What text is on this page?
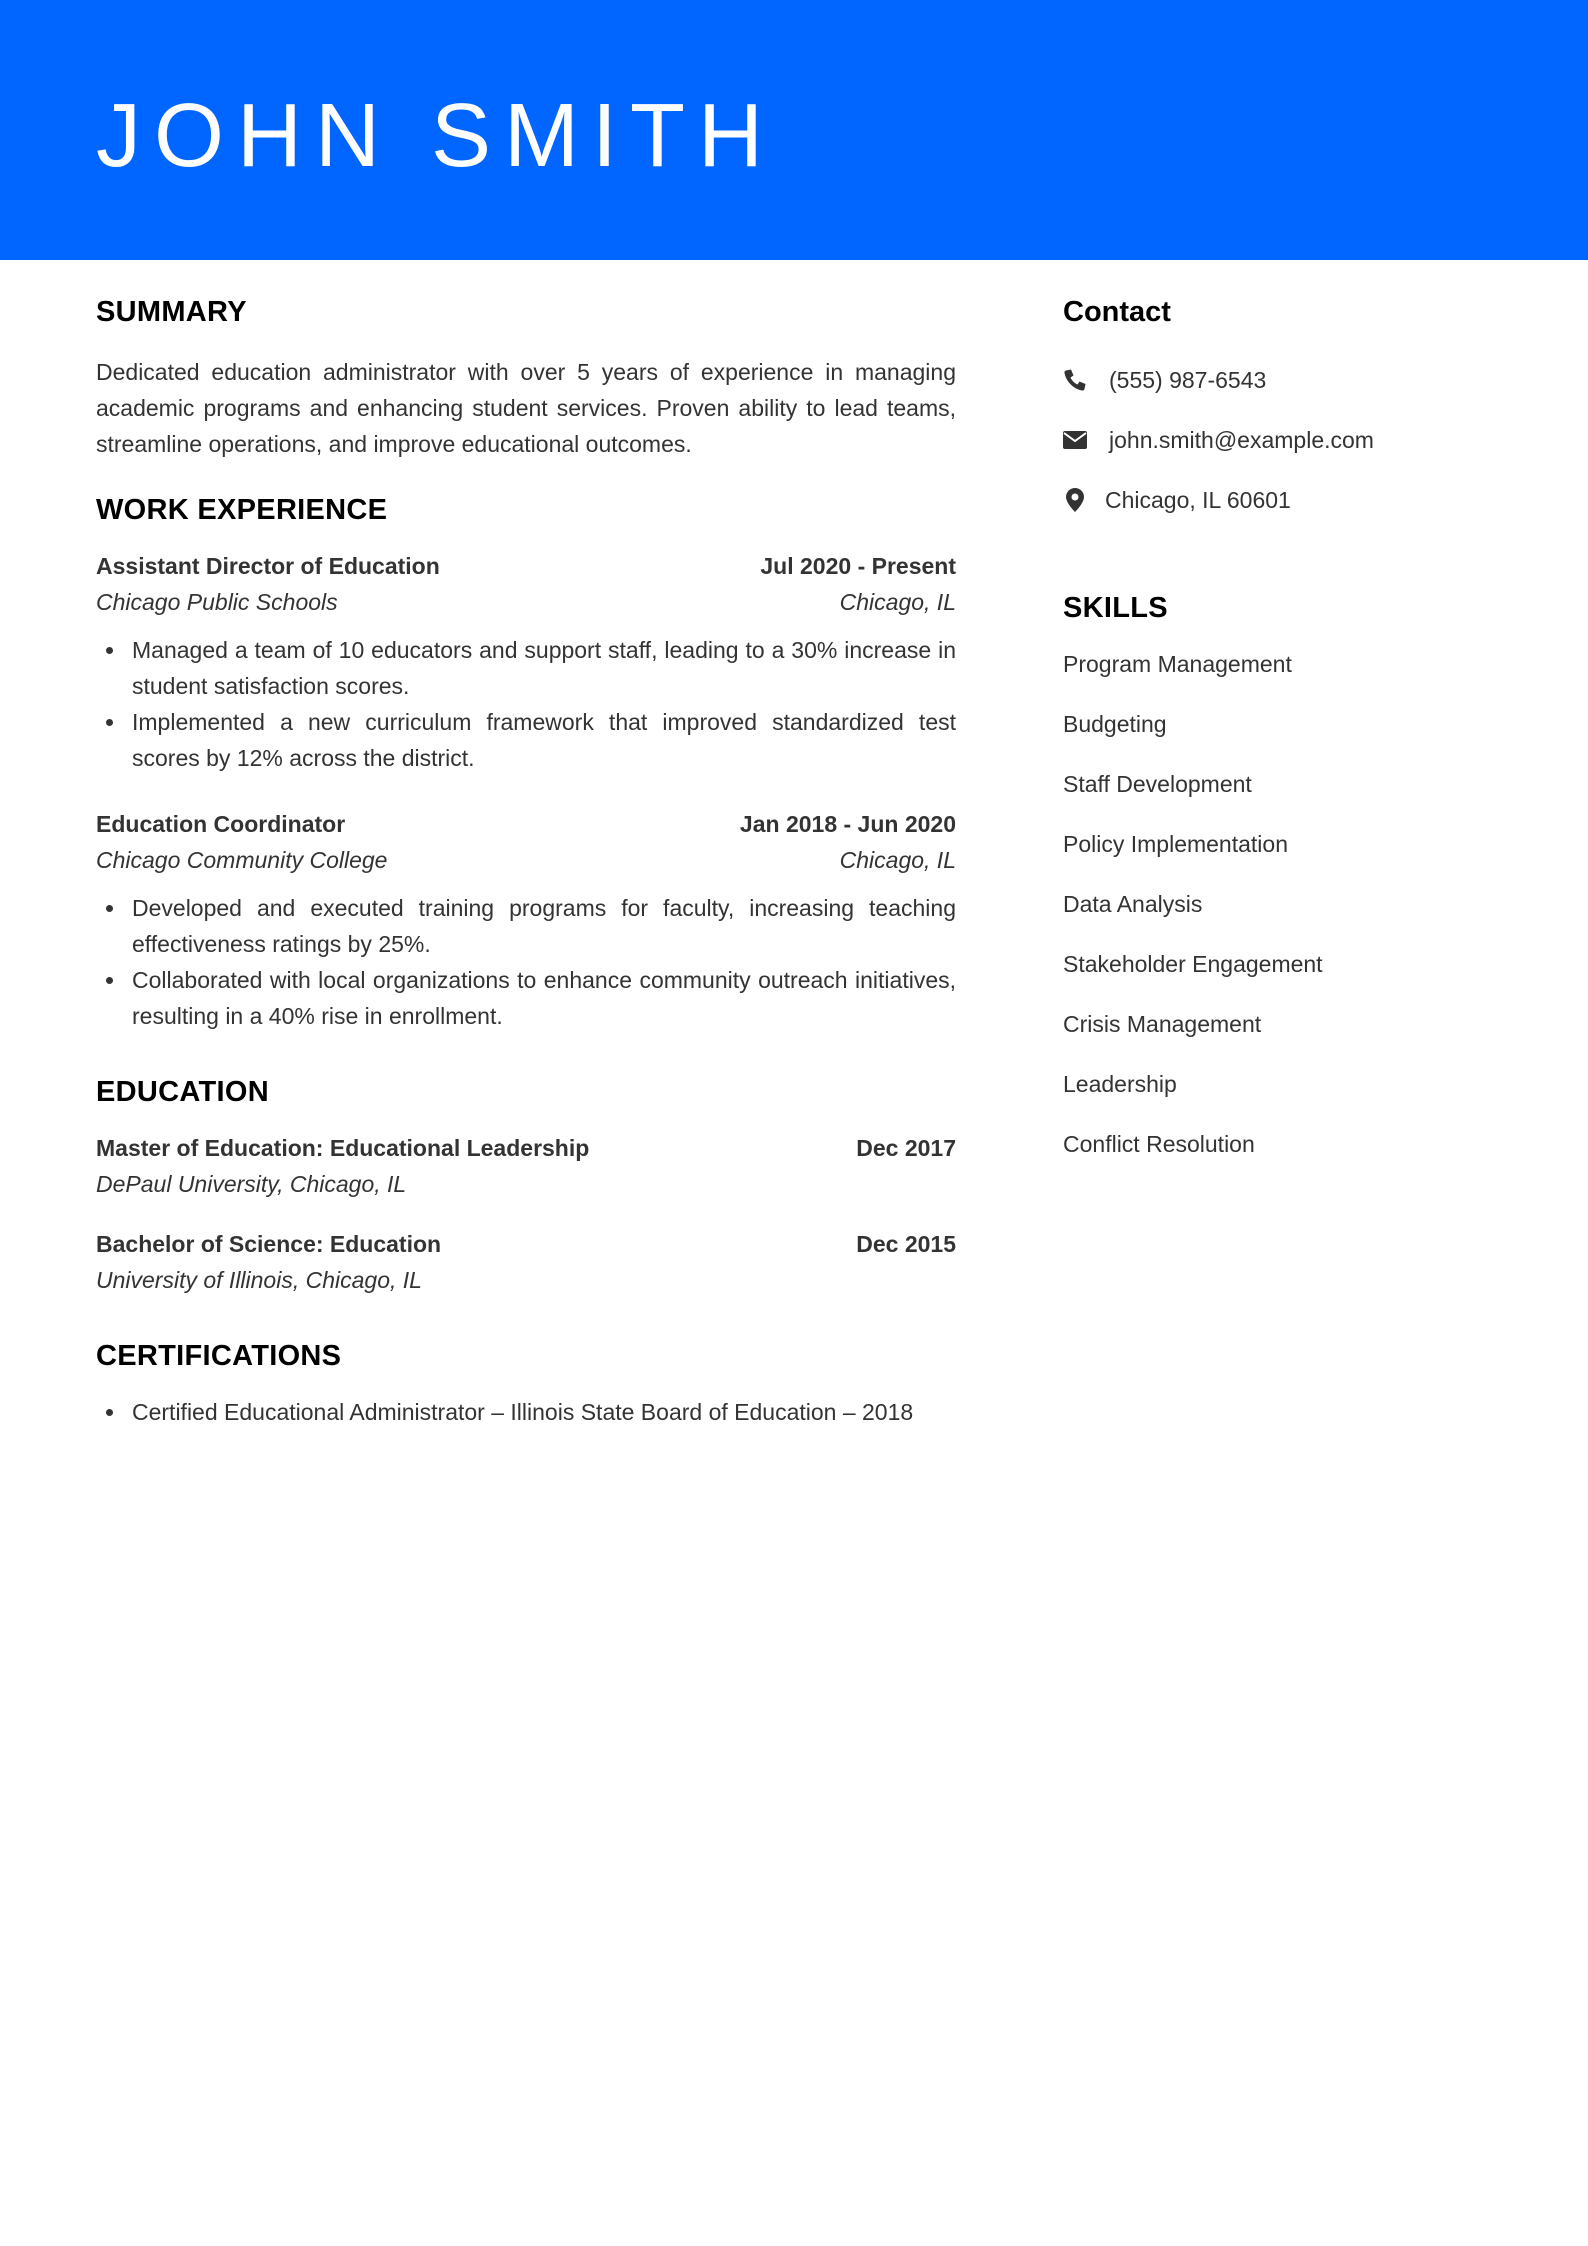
JOHN SMITH
SUMMARY

Dedicated education administrator with over 5 years of experience in managing academic programs and enhancing student services. Proven ability to lead teams, streamline operations, and improve educational outcomes.

WORK EXPERIENCE
Assistant Director of Education	Jul 2020 - Present
Chicago Public Schools	Chicago, IL
Managed a team of 10 educators and support staff, leading to a 30% increase in student satisfaction scores.
Implemented a new curriculum framework that improved standardized test scores by 12% across the district.
Education Coordinator	Jan 2018 - Jun 2020
Chicago Community College	Chicago, IL
Developed and executed training programs for faculty, increasing teaching effectiveness ratings by 25%.
Collaborated with local organizations to enhance community outreach initiatives, resulting in a 40% rise in enrollment.
EDUCATION
Master of Education: Educational Leadership	Dec 2017
DePaul University, Chicago, IL
Bachelor of Science: Education	Dec 2015
University of Illinois, Chicago, IL
CERTIFICATIONS
Certified Educational Administrator – Illinois State Board of Education – 2018
Contact
(555) 987-6543
john.smith@example.com
Chicago, IL 60601
SKILLS
Program Management
Budgeting
Staff Development
Policy Implementation
Data Analysis
Stakeholder Engagement
Crisis Management
Leadership
Conflict Resolution
